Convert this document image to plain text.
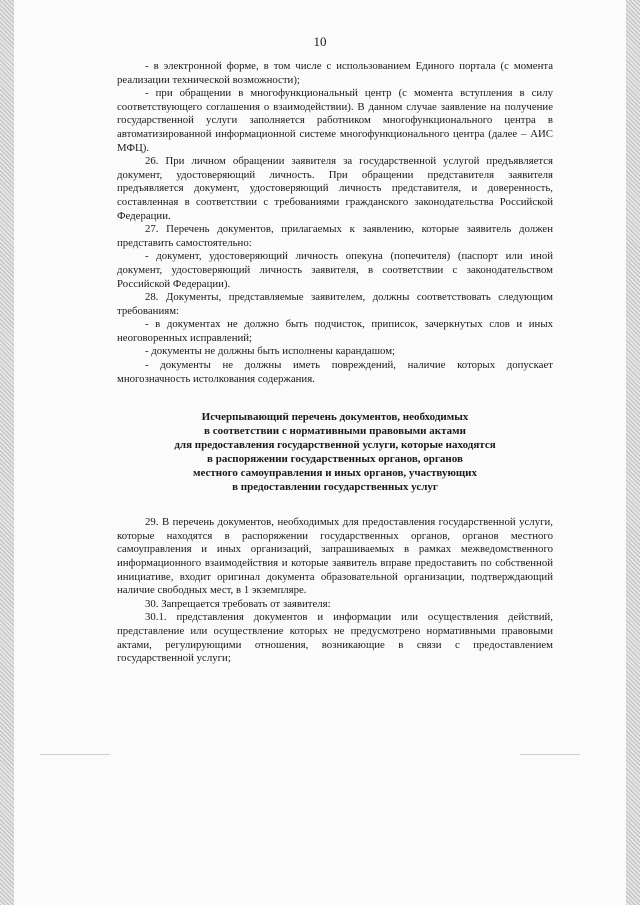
10

- в электронной форме, в том числе с использованием Единого портала (с момента реализации технической возможности);

- при обращении в многофункциональный центр (с момента вступления в силу соответствующего соглашения о взаимодействии). В данном случае заявление на получение государственной услуги заполняется работником многофункционального центра в автоматизированной информационной системе многофункционального центра (далее – АИС МФЦ).

26. При личном обращении заявителя за государственной услугой предъявляется документ, удостоверяющий личность. При обращении представителя заявителя предъявляется документ, удостоверяющий личность представителя, и доверенность, составленная в соответствии с требованиями гражданского законодательства Российской Федерации.

27. Перечень документов, прилагаемых к заявлению, которые заявитель должен представить самостоятельно:

- документ, удостоверяющий личность опекуна (попечителя) (паспорт или иной документ, удостоверяющий личность заявителя, в соответствии с законодательством Российской Федерации).

28. Документы, представляемые заявителем, должны соответствовать следующим требованиям:

- в документах не должно быть подчисток, приписок, зачеркнутых слов и иных неоговоренных исправлений;

- документы не должны быть исполнены карандашом;

- документы не должны иметь повреждений, наличие которых допускает многозначность истолкования содержания.

Исчерпывающий перечень документов, необходимых
в соответствии с нормативными правовыми актами
для предоставления государственной услуги, которые находятся
в распоряжении государственных органов, органов
местного самоуправления и иных органов, участвующих
в предоставлении государственных услуг

29. В перечень документов, необходимых для предоставления государственной услуги, которые находятся в распоряжении государственных органов, органов местного самоуправления и иных организаций, запрашиваемых в рамках межведомственного информационного взаимодействия и которые заявитель вправе предоставить по собственной инициативе, входит оригинал документа образовательной организации, подтверждающий наличие свободных мест, в 1 экземпляре.

30. Запрещается требовать от заявителя:

30.1. представления документов и информации или осуществления действий, представление или осуществление которых не предусмотрено нормативными правовыми актами, регулирующими отношения, возникающие в связи с предоставлением государственной услуги;
